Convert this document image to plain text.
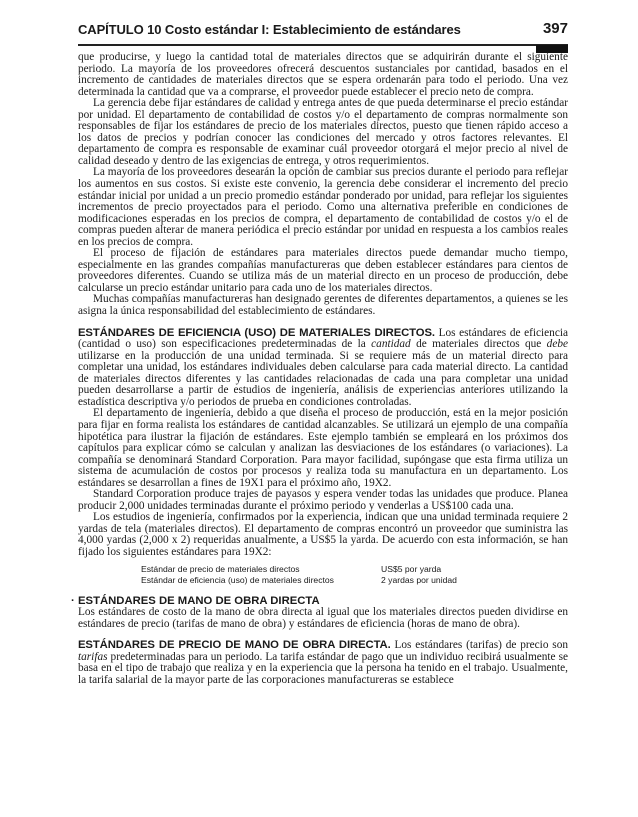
CAPÍTULO 10 Costo estándar I: Establecimiento de estándares	397

que producirse, y luego la cantidad total de materiales directos que se adquirirán durante el siguiente periodo. La mayoría de los proveedores ofrecerá descuentos sustanciales por cantidad, basados en el incremento de cantidades de materiales directos que se espera ordenarán para todo el periodo. Una vez determinada la cantidad que va a comprarse, el proveedor puede establecer el precio neto de compra.

La gerencia debe fijar estándares de calidad y entrega antes de que pueda determinarse el precio estándar por unidad. El departamento de contabilidad de costos y/o el departamento de compras normalmente son responsables de fijar los estándares de precio de los materiales directos, puesto que tienen rápido acceso a los datos de precios y podrían conocer las condiciones del mercado y otros factores relevantes. El departamento de compra es responsable de examinar cuál proveedor otorgará el mejor precio al nivel de calidad deseado y dentro de las exigencias de entrega, y otros requerimientos.

La mayoría de los proveedores desearán la opción de cambiar sus precios durante el periodo para reflejar los aumentos en sus costos. Si existe este convenio, la gerencia debe considerar el incremento del precio estándar inicial por unidad a un precio promedio estándar ponderado por unidad, para reflejar los siguientes incrementos de precio proyectados para el periodo. Como una alternativa preferible en condiciones de modificaciones esperadas en los precios de compra, el departamento de contabilidad de costos y/o el de compras pueden alterar de manera periódica el precio estándar por unidad en respuesta a los cambios reales en los precios de compra.

El proceso de fijación de estándares para materiales directos puede demandar mucho tiempo, especialmente en las grandes compañías manufactureras que deben establecer estándares para cientos de proveedores diferentes. Cuando se utiliza más de un material directo en un proceso de producción, debe calcularse un precio estándar unitario para cada uno de los materiales directos.

Muchas compañías manufactureras han designado gerentes de diferentes departamentos, a quienes se les asigna la única responsabilidad del establecimiento de estándares.

ESTÁNDARES DE EFICIENCIA (USO) DE MATERIALES DIRECTOS. Los estándares de eficiencia (cantidad o uso) son especificaciones predeterminadas de la cantidad de materiales directos que debe utilizarse en la producción de una unidad terminada. Si se requiere más de un material directo para completar una unidad, los estándares individuales deben calcularse para cada material directo. La cantidad de materiales directos diferentes y las cantidades relacionadas de cada una para completar una unidad pueden desarrollarse a partir de estudios de ingeniería, análisis de experiencias anteriores utilizando la estadística descriptiva y/o periodos de prueba en condiciones controladas.

El departamento de ingeniería, debido a que diseña el proceso de producción, está en la mejor posición para fijar en forma realista los estándares de cantidad alcanzables. Se utilizará un ejemplo de una compañía hipotética para ilustrar la fijación de estándares. Este ejemplo también se empleará en los próximos dos capítulos para explicar cómo se calculan y analizan las desviaciones de los estándares (o variaciones). La compañía se denominará Standard Corporation. Para mayor facilidad, supóngase que esta firma utiliza un sistema de acumulación de costos por procesos y realiza toda su manufactura en un departamento. Los estándares se desarrollan a fines de 19X1 para el próximo año, 19X2.

Standard Corporation produce trajes de payasos y espera vender todas las unidades que produce. Planea producir 2,000 unidades terminadas durante el próximo periodo y venderlas a US$100 cada una.

Los estudios de ingeniería, confirmados por la experiencia, indican que una unidad terminada requiere 2 yardas de tela (materiales directos). El departamento de compras encontró un proveedor que suministra las 4,000 yardas (2,000 x 2) requeridas anualmente, a US$5 la yarda. De acuerdo con esta información, se han fijado los siguientes estándares para 19X2:

Estándar de precio de materiales directos	US$5 por yarda
Estándar de eficiencia (uso) de materiales directos	2 yardas por unidad

· ESTÁNDARES DE MANO DE OBRA DIRECTA

Los estándares de costo de la mano de obra directa al igual que los materiales directos pueden dividirse en estándares de precio (tarifas de mano de obra) y estándares de eficiencia (horas de mano de obra).

ESTÁNDARES DE PRECIO DE MANO DE OBRA DIRECTA. Los estándares (tarifas) de precio son tarifas predeterminadas para un periodo. La tarifa estándar de pago que un individuo recibirá usualmente se basa en el tipo de trabajo que realiza y en la experiencia que la persona ha tenido en el trabajo. Usualmente, la tarifa salarial de la mayor parte de las corporaciones manufactureras se establece
